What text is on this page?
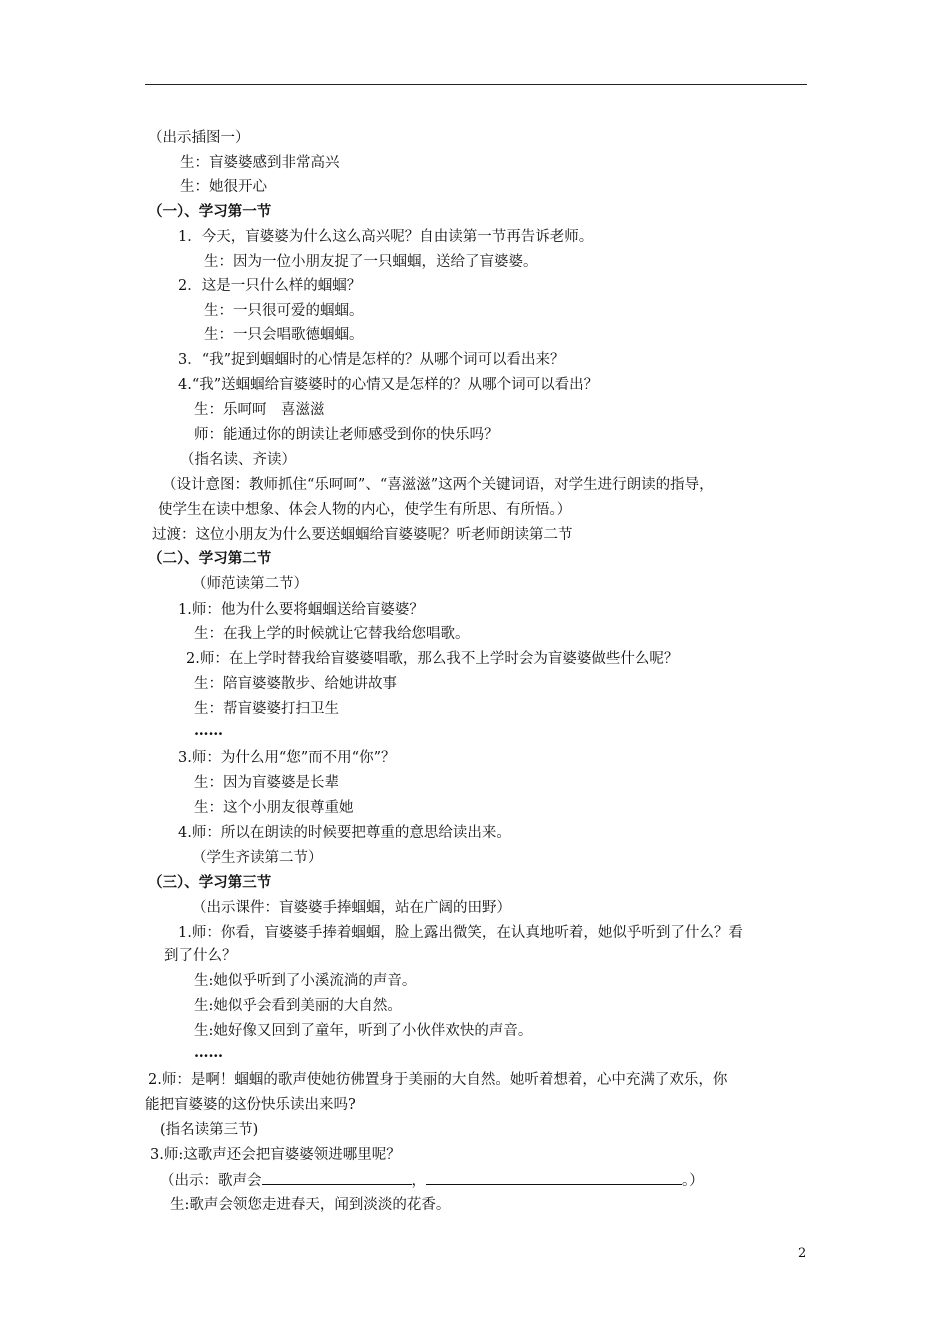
（出示插图一）
生：盲婆婆感到非常高兴
生：她很开心
（一）、学习第一节
1．今天，盲婆婆为什么这么高兴呢？自由读第一节再告诉老师。
生：因为一位小朋友捉了一只蝈蝈，送给了盲婆婆。
2．这是一只什么样的蝈蝈？
生：一只很可爱的蝈蝈。
生：一只会唱歌德蝈蝈。
3．“我”捉到蝈蝈时的心情是怎样的？从哪个词可以看出来？
4.“我”送蝈蝈给盲婆婆时的心情又是怎样的？从哪个词可以看出？
生：乐呵呵　喜滋滋
师：能通过你的朗读让老师感受到你的快乐吗？
（指名读、齐读）
（设计意图：教师抓住“乐呵呵”、“喜滋滋”这两个关键词语，对学生进行朗读的指导，
使学生在读中想象、体会人物的内心，使学生有所思、有所悟。）
过渡：这位小朋友为什么要送蝈蝈给盲婆婆呢？听老师朗读第二节
（二）、学习第二节
（师范读第二节）
1.师：他为什么要将蝈蝈送给盲婆婆？
生：在我上学的时候就让它替我给您唱歌。
2.师：在上学时替我给盲婆婆唱歌，那么我不上学时会为盲婆婆做些什么呢？
生：陪盲婆婆散步、给她讲故事
生：帮盲婆婆打扫卫生
……
3.师：为什么用“您”而不用“你”？
生：因为盲婆婆是长辈
生：这个小朋友很尊重她
4.师：所以在朗读的时候要把尊重的意思给读出来。
（学生齐读第二节）
（三）、学习第三节
（出示课件：盲婆婆手捧蝈蝈，站在广阔的田野）
1.师：你看，盲婆婆手捧着蝈蝈，脸上露出微笑，在认真地听着，她似乎听到了什么？看
到了什么？
生:她似乎听到了小溪流淌的声音。
生:她似乎会看到美丽的大自然。
生:她好像又回到了童年，听到了小伙伴欢快的声音。
……
2.师：是啊！蝈蝈的歌声使她彷佛置身于美丽的大自然。她听着想着，心中充满了欢乐，你
能把盲婆婆的这份快乐读出来吗?
(指名读第三节)
3.师:这歌声还会把盲婆婆领进哪里呢？
（出示：歌声会	，	。）
生:歌声会领您走进春天，闻到淡淡的花香。
2
